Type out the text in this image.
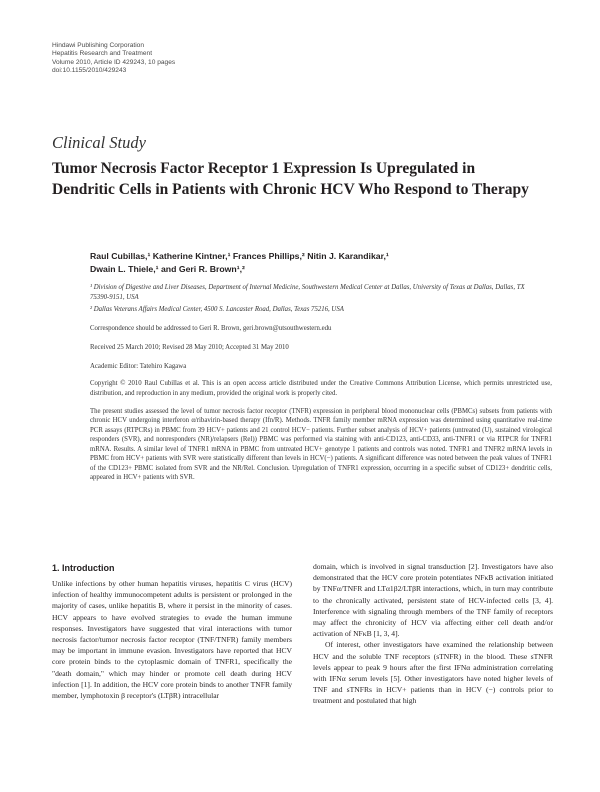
Hindawi Publishing Corporation
Hepatitis Research and Treatment
Volume 2010, Article ID 429243, 10 pages
doi:10.1155/2010/429243
Clinical Study
Tumor Necrosis Factor Receptor 1 Expression Is Upregulated in Dendritic Cells in Patients with Chronic HCV Who Respond to Therapy
Raul Cubillas,¹ Katherine Kintner,¹ Frances Phillips,² Nitin J. Karandikar,¹
Dwain L. Thiele,¹ and Geri R. Brown¹,²
¹ Division of Digestive and Liver Diseases, Department of Internal Medicine, Southwestern Medical Center at Dallas, University of Texas at Dallas, Dallas, TX 75390-9151, USA
² Dallas Veterans Affairs Medical Center, 4500 S. Lancaster Road, Dallas, Texas 75216, USA
Correspondence should be addressed to Geri R. Brown, geri.brown@utsouthwestern.edu
Received 25 March 2010; Revised 28 May 2010; Accepted 31 May 2010
Academic Editor: Tatehiro Kagawa
Copyright © 2010 Raul Cubillas et al. This is an open access article distributed under the Creative Commons Attribution License, which permits unrestricted use, distribution, and reproduction in any medium, provided the original work is properly cited.
The present studies assessed the level of tumor necrosis factor receptor (TNFR) expression in peripheral blood mononuclear cells (PBMCs) subsets from patients with chronic HCV undergoing interferon α/ribavirin-based therapy (Ifn/R). Methods. TNFR family member mRNA expression was determined using quantitative real-time PCR assays (RTPCRs) in PBMC from 39 HCV+ patients and 21 control HCV− patients. Further subset analysis of HCV+ patients (untreated (U), sustained virological responders (SVR), and nonresponders (NR)/relapsers (Rel)) PBMC was performed via staining with anti-CD123, anti-CD33, anti-TNFR1 or via RTPCR for TNFR1 mRNA. Results. A similar level of TNFR1 mRNA in PBMC from untreated HCV+ genotype 1 patients and controls was noted. TNFR1 and TNFR2 mRNA levels in PBMC from HCV+ patients with SVR were statistically different than levels in HCV(−) patients. A significant difference was noted between the peak values of TNFR1 of the CD123+ PBMC isolated from SVR and the NR/Rel. Conclusion. Upregulation of TNFR1 expression, occurring in a specific subset of CD123+ dendritic cells, appeared in HCV+ patients with SVR.
1. Introduction

Unlike infections by other human hepatitis viruses, hepatitis C virus (HCV) infection of healthy immunocompetent adults is persistent or prolonged in the majority of cases, unlike hepatitis B, where it persist in the minority of cases. HCV appears to have evolved strategies to evade the human immune responses. Investigators have suggested that viral interactions with tumor necrosis factor/tumor necrosis factor receptor (TNF/TNFR) family members may be important in immune evasion. Investigators have reported that HCV core protein binds to the cytoplasmic domain of TNFR1, specifically the "death domain," which may hinder or promote cell death during HCV infection [1]. In addition, the HCV core protein binds to another TNFR family member, lymphotoxin β receptor's (LTβR) intracellular

domain, which is involved in signal transduction [2]. Investigators have also demonstrated that the HCV core protein potentiates NFκB activation initiated by TNFα/TNFR and LTα1β2/LTβR interactions, which, in turn may contribute to the chronically activated, persistent state of HCV-infected cells [3, 4]. Interference with signaling through members of the TNF family of receptors may affect the chronicity of HCV via affecting either cell death and/or activation of NFκB [1, 3, 4].

Of interest, other investigators have examined the relationship between HCV and the soluble TNF receptors (sTNFR) in the blood. These sTNFR levels appear to peak 9 hours after the first IFNα administration correlating with IFNα serum levels [5]. Other investigators have noted higher levels of TNF and sTNFRs in HCV+ patients than in HCV (−) controls prior to treatment and postulated that high
